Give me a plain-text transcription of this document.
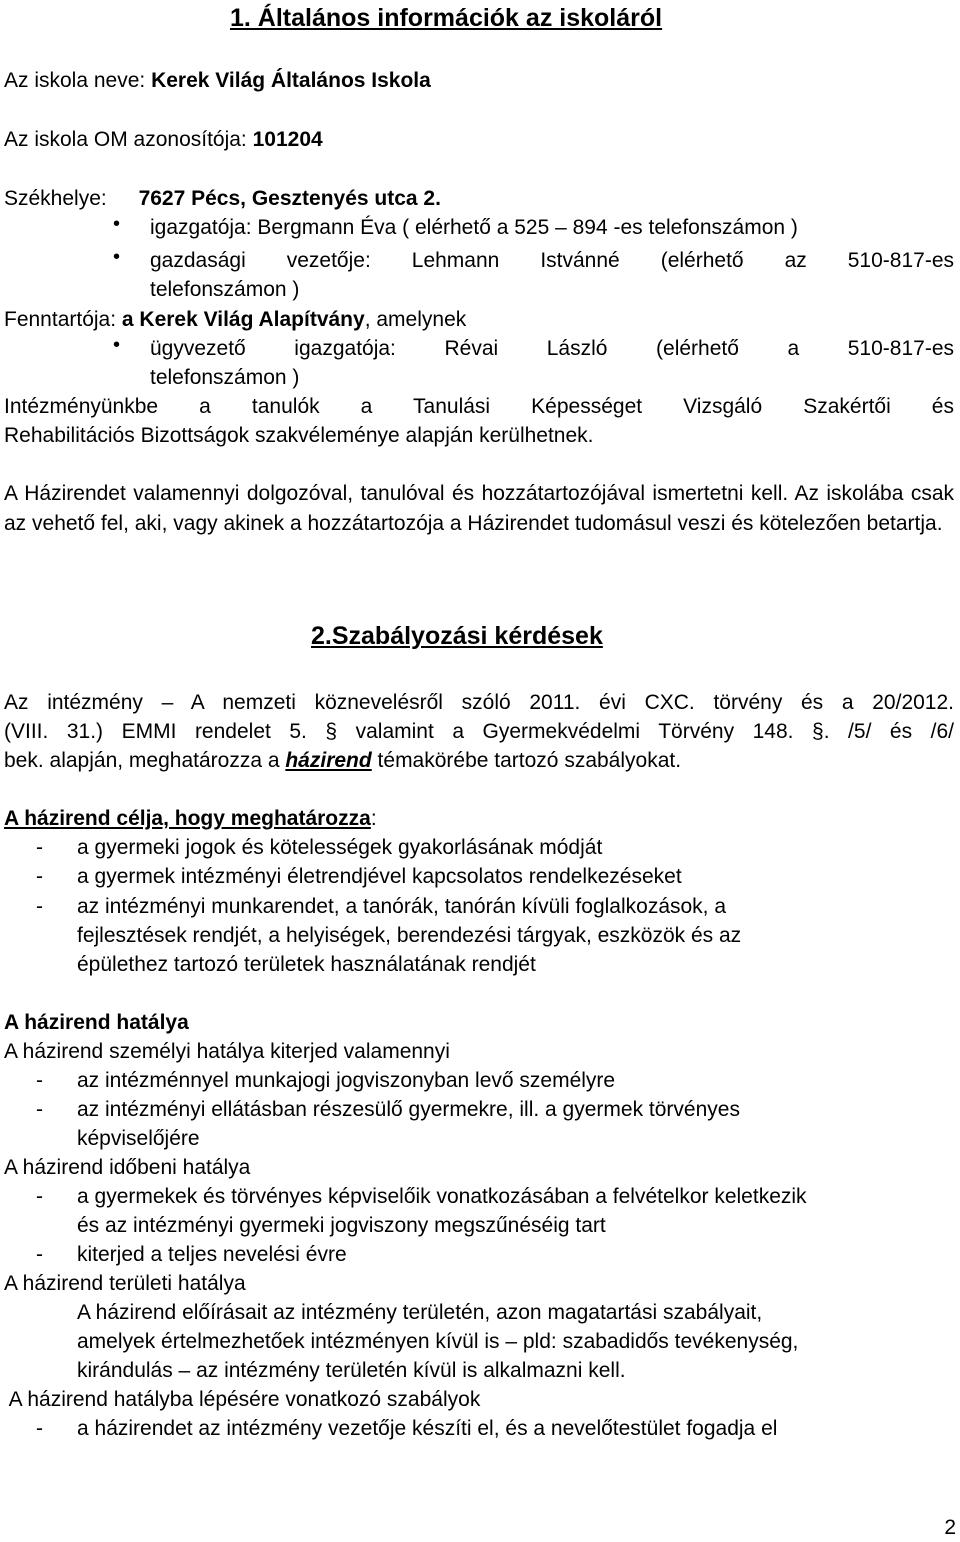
1. Általános információk az iskoláról
Az iskola neve: Kerek Világ Általános Iskola
Az iskola OM azonosítója: 101204
Székhelye: 7627 Pécs, Gesztenyés utca 2.
• igazgatója: Bergmann Éva ( elérhető a 525 – 894 -es telefonszámon )
• gazdasági vezetője: Lehmann Istvánné (elérhető az 510-817-es
telefonszámon )
Fenntartója: a Kerek Világ Alapítvány, amelynek
• ügyvezető igazgatója: Révai László (elérhető a 510-817-es
telefonszámon )
Intézményünkbe a tanulók a Tanulási Képességet Vizsgáló Szakértői és
Rehabilitációs Bizottságok szakvéleménye alapján kerülhetnek.
A Házirendet valamennyi dolgozóval, tanulóval és hozzátartozójával ismertetni kell. Az iskolába csak az vehető fel, aki, vagy akinek a hozzátartozója a Házirendet tudomásul veszi és kötelezően betartja.
2.Szabályozási kérdések
Az intézmény – A nemzeti köznevelésről szóló 2011. évi CXC. törvény és a 20/2012.
(VIII. 31.) EMMI rendelet 5. § valamint a Gyermekvédelmi Törvény 148. §. /5/ és /6/
bek. alapján, meghatározza a házirend témakörébe tartozó szabályokat.
A házirend célja, hogy meghatározza:
-	a gyermeki jogok és kötelességek gyakorlásának módját
-	a gyermek intézményi életrendjével kapcsolatos rendelkezéseket
-	az intézményi munkarendet, a tanórák, tanórán kívüli foglalkozások, a
fejlesztések rendjét, a helyiségek, berendezési tárgyak, eszközök és az
épülethez tartozó területek használatának rendjét
A házirend hatálya
A házirend személyi hatálya kiterjed valamennyi
-	az intézménnyel munkajogi jogviszonyban levő személyre
-	az intézményi ellátásban részesülő gyermekre, ill. a gyermek törvényes
képviselőjére
A házirend időbeni hatálya
-	a gyermekek és törvényes képviselőik vonatkozásában a felvételkor keletkezik
és az intézményi gyermeki jogviszony megszűnéséig tart
-	kiterjed a teljes nevelési évre
A házirend területi hatálya
A házirend előírásait az intézmény területén, azon magatartási szabályait,
amelyek értelmezhetőek intézményen kívül is – pld: szabadidős tevékenység,
kirándulás – az intézmény területén kívül is alkalmazni kell.
A házirend hatályba lépésére vonatkozó szabályok
-	a házirendet az intézmény vezetője készíti el, és a nevelőtestület fogadja el
2
